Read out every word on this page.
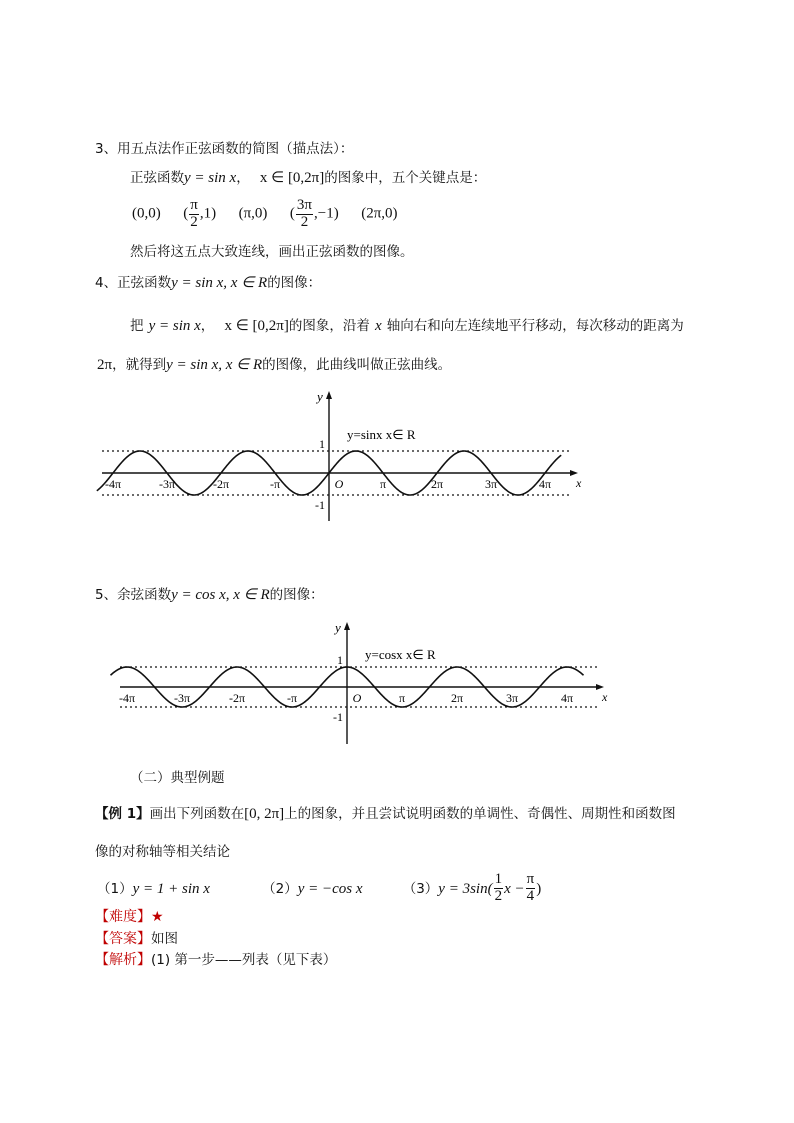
3、用五点法作正弦函数的简图（描点法）：
正弦函数y = sin x， x ∈ [0,2π]的图象中，五个关键点是：
(0,0) ( $\frac{\pi}{2} ,1$) (π,0) ( $\frac{3\pi}{2} ,-1$) (2π,0)
然后将这五点大致连线，画出正弦函数的图像。
4、正弦函数y = sin x, x ∈ R的图像：
把 y = sin x， x ∈ [0,2π]的图象，沿着 x 轴向右和向左连续地平行移动，每次移动的距离为
2π，就得到y = sin x, x ∈ R的图像，此曲线叫做正弦曲线。
-4π	-3π	-2π	-π	O	π	2π	3π	4π
1
-1
x
y
y=sinx x∈ R
5、余弦函数y = cos x, x ∈ R的图像：
-4π	-3π	-2π	-π	O	π	2π	3π	4π
1
-1
x
y
y=cosx x∈ R
（二）典型例题
【例 1】画出下列函数在[0, 2π]上的图象，并且尝试说明函数的单调性、奇偶性、周期性和函数图
像的对称轴等相关结论
（1）y = 1 + sin x	（2）y = −cos x	$(3)y = 3\sin( \frac{1}{2}$ $x - \frac{\pi}{4}$ )
【难度】★
【答案】如图
【解析】(1) 第一步——列表（见下表）
